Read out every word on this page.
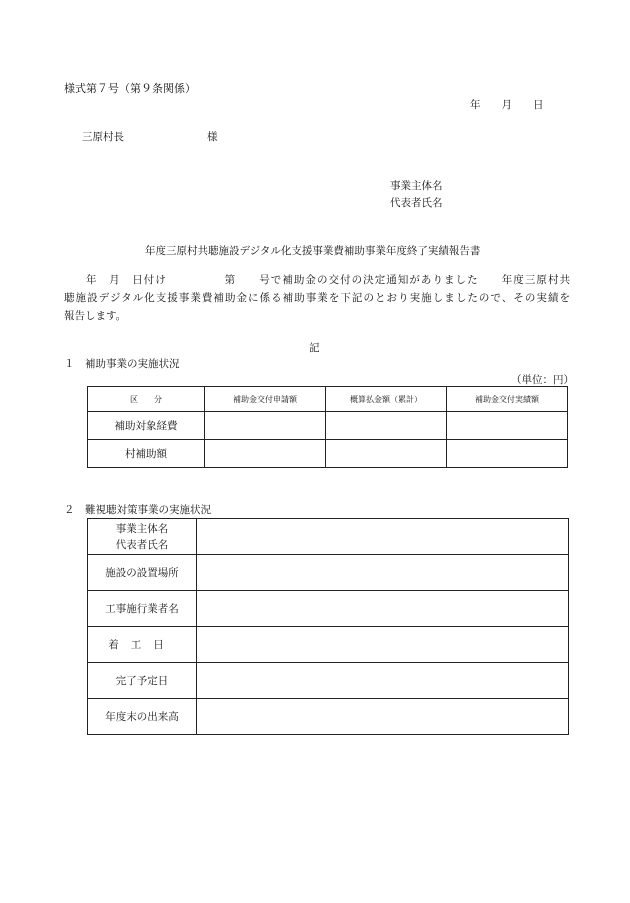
様式第７号（第９条関係）
年　　月　　日
三原村長	様
事業主体名
代表者氏名
年度三原村共聴施設デジタル化支援事業費補助事業年度終了実績報告書
年　月　日付け　　　　　第　　号で補助金の交付の決定通知がありました　　年度三原村共
聴施設デジタル化支援事業費補助金に係る補助事業を下記のとおり実施しましたので、その実績を
報告します。
記
１　補助事業の実施状況
（単位：円）
区　　分	補助金交付申請額	概算払金額（累計）	補助金交付実績額
補助対象経費			
村補助額			
２　難視聴対策事業の実施状況
事業主体名
代表者氏名	
施設の設置場所	
工事施行業者名	
着工日	
完了予定日	
年度末の出来高	
